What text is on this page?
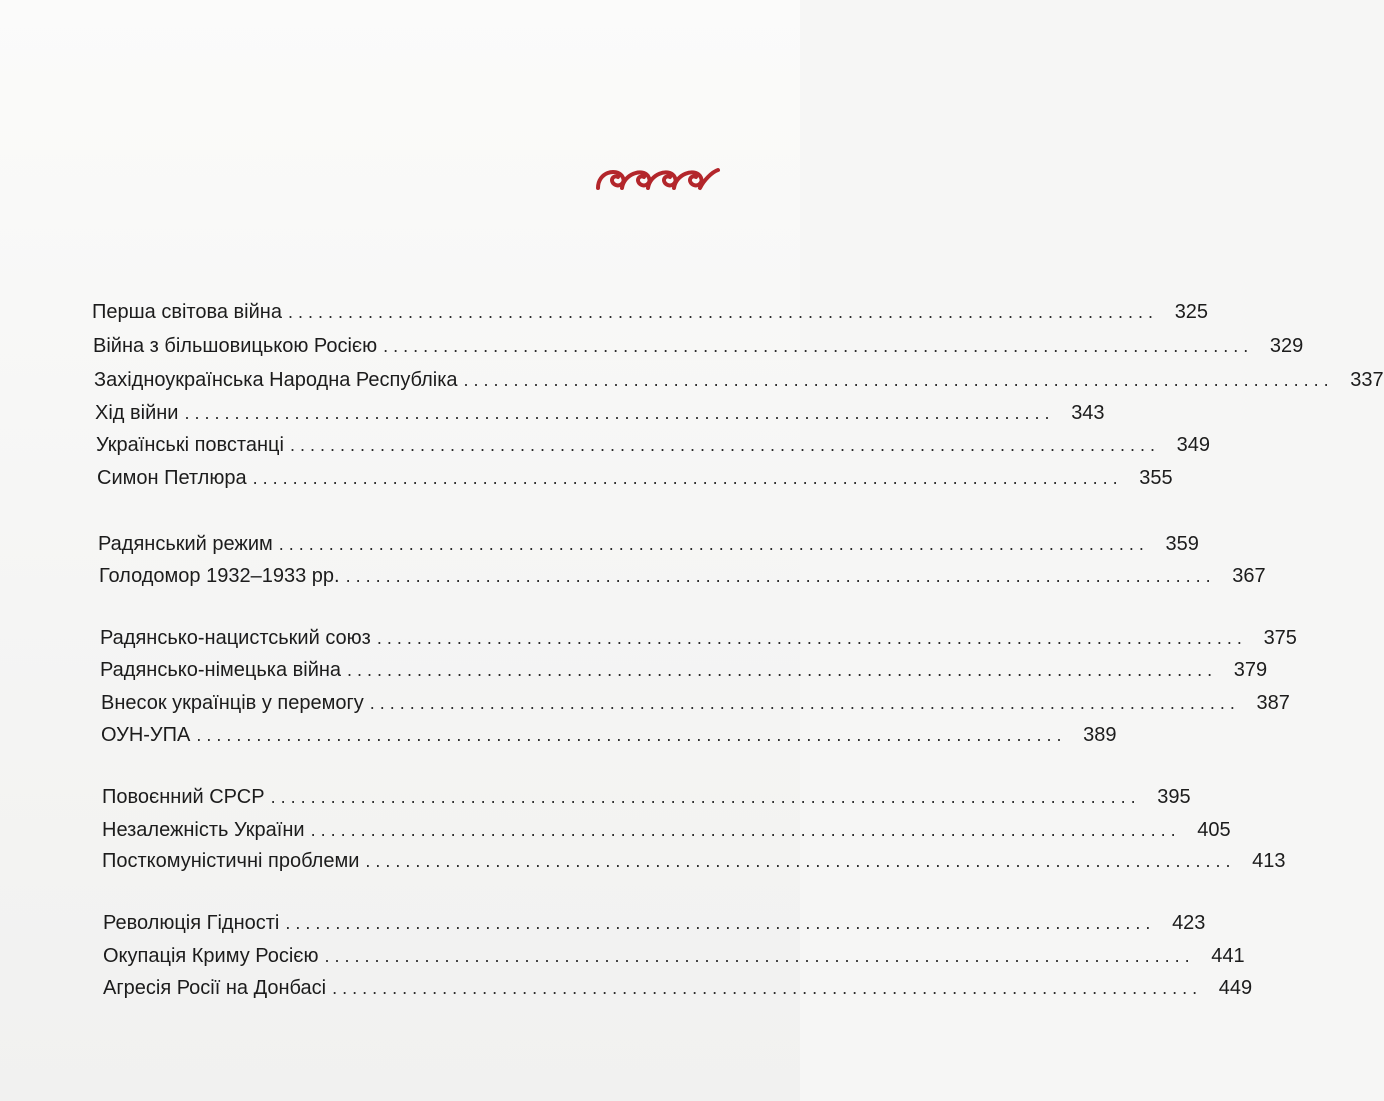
Перша світова війна ....................................................................................... 325
Війна з більшовицькою Росією ....................................................................................... 329
Західноукраїнська Народна Республіка ....................................................................................... 337
Хід війни ....................................................................................... 343
Українські повстанці ....................................................................................... 349
Симон Петлюра ....................................................................................... 355
Радянський режим ....................................................................................... 359
Голодомор 1932–1933 рр. ....................................................................................... 367
Радянсько-нацистський союз ....................................................................................... 375
Радянсько-німецька війна ....................................................................................... 379
Внесок українців у перемогу ....................................................................................... 387
ОУН-УПА ....................................................................................... 389
Повоєнний СРСР ....................................................................................... 395
Незалежність України ....................................................................................... 405
Посткомуністичні проблеми ....................................................................................... 413
Революція Гідності ....................................................................................... 423
Окупація Криму Росією ....................................................................................... 441
Агресія Росії на Донбасі ....................................................................................... 449
